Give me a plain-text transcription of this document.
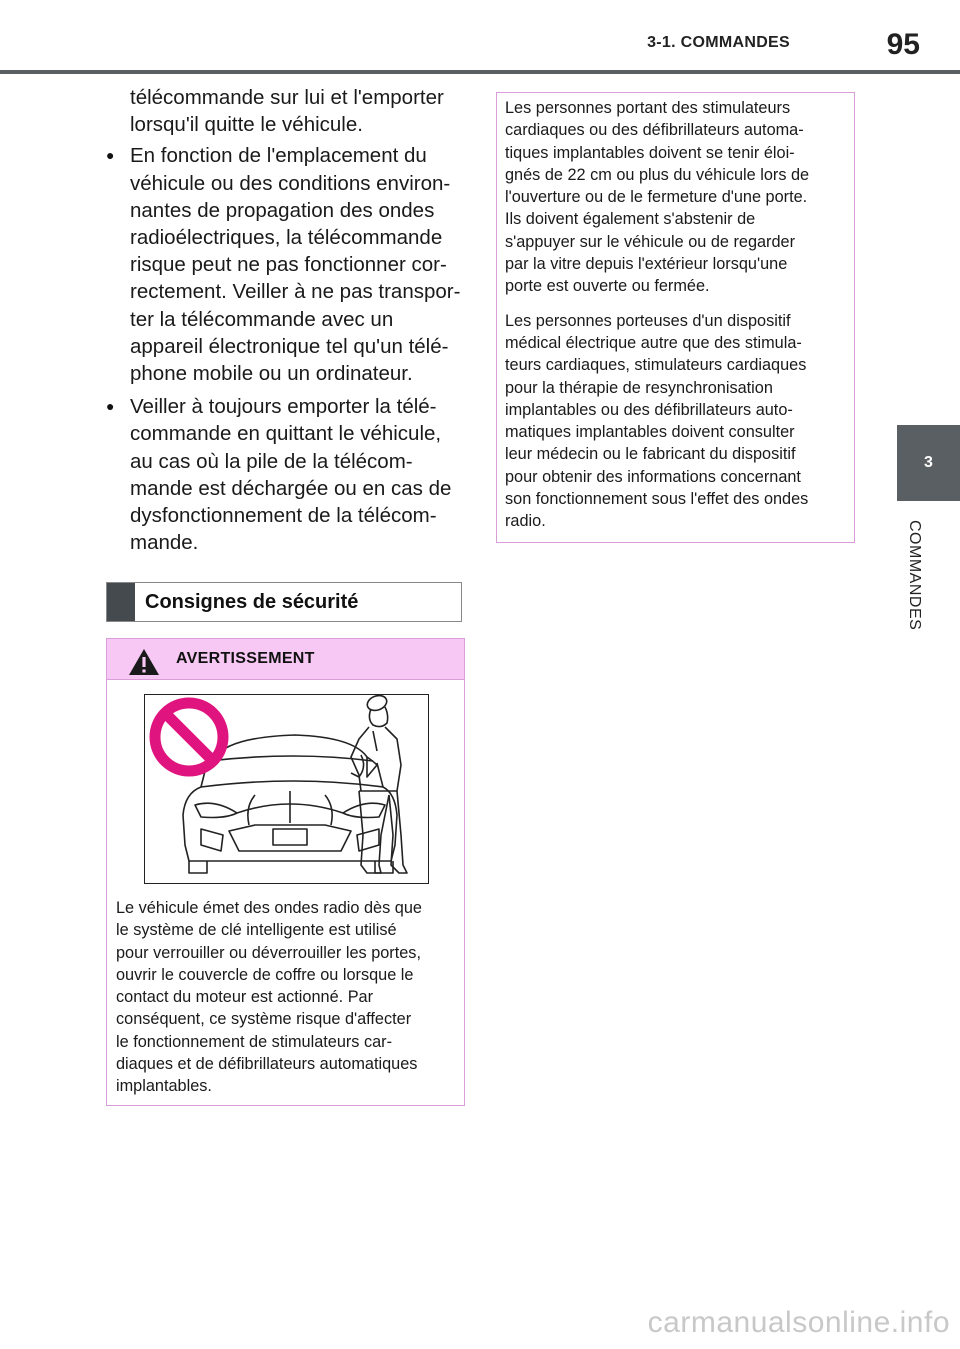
3-1. COMMANDES	95
3
COMMANDES

télécommande sur lui et l'emporter
lorsqu'il quitte le véhicule.

● En fonction de l'emplacement du
véhicule ou des conditions environ-
nantes de propagation des ondes
radioélectriques, la télécommande
risque peut ne pas fonctionner cor-
rectement. Veiller à ne pas transpor-
ter la télécommande avec un
appareil électronique tel qu'un télé-
phone mobile ou un ordinateur.

● Veiller à toujours emporter la télé-
commande en quittant le véhicule,
au cas où la pile de la télécom-
mande est déchargée ou en cas de
dysfonctionnement de la télécom-
mande.

Consignes de sécurité
AVERTISSEMENT

Le véhicule émet des ondes radio dès que
le système de clé intelligente est utilisé
pour verrouiller ou déverrouiller les portes,
ouvrir le couvercle de coffre ou lorsque le
contact du moteur est actionné. Par
conséquent, ce système risque d'affecter
le fonctionnement de stimulateurs car-
diaques et de défibrillateurs automatiques
implantables.

Les personnes portant des stimulateurs
cardiaques ou des défibrillateurs automa-
tiques implantables doivent se tenir éloi-
gnés de 22 cm ou plus du véhicule lors de
l'ouverture ou de le fermeture d'une porte.
Ils doivent également s'abstenir de
s'appuyer sur le véhicule ou de regarder
par la vitre depuis l'extérieur lorsqu'une
porte est ouverte ou fermée.

Les personnes porteuses d'un dispositif
médical électrique autre que des stimula-
teurs cardiaques, stimulateurs cardiaques
pour la thérapie de resynchronisation
implantables ou des défibrillateurs auto-
matiques implantables doivent consulter
leur médecin ou le fabricant du dispositif
pour obtenir des informations concernant
son fonctionnement sous l'effet des ondes
radio.

carmanualsonline.info
